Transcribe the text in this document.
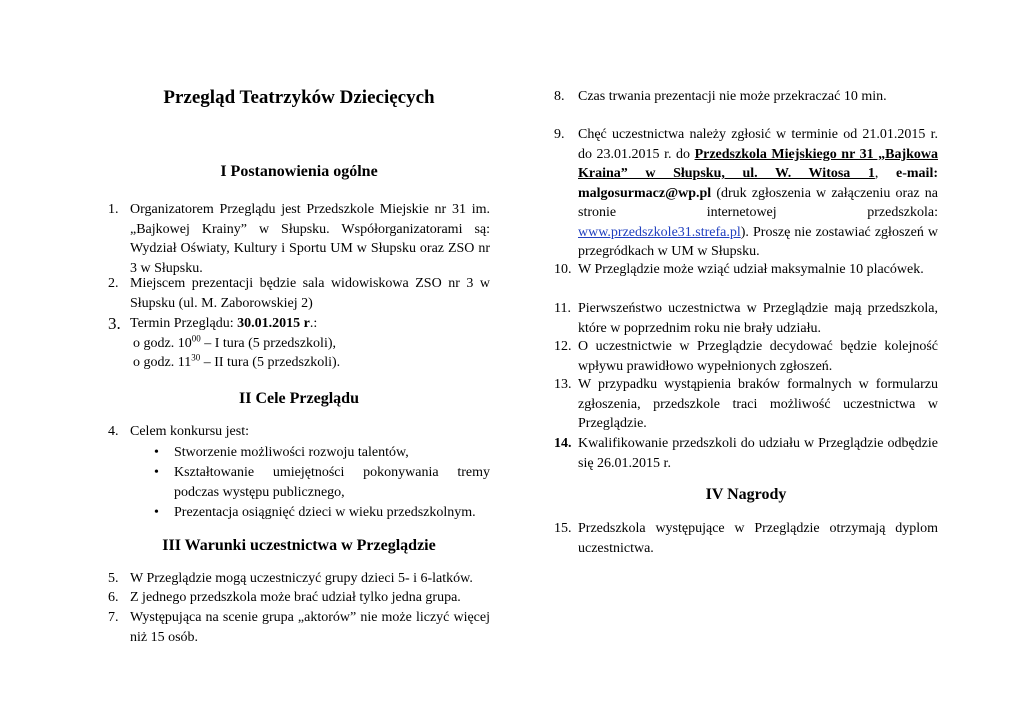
Przegląd Teatrzyków Dziecięcych
I Postanowienia ogólne
1. Organizatorem Przeglądu jest Przedszkole Miejskie nr 31 im. „Bajkowej Krainy” w Słupsku. Współorganizatorami są: Wydział Oświaty, Kultury i Sportu UM w Słupsku oraz ZSO nr 3 w Słupsku.
2. Miejscem prezentacji będzie sala widowiskowa ZSO nr 3 w Słupsku (ul. M. Zaborowskiej 2)
3. Termin Przeglądu: 30.01.2015 r.:
o godz. $10^{00}$ – I tura (5 przedszkoli),
o godz. $11^{30}$ – II tura (5 przedszkoli).
II Cele Przeglądu
4. Celem konkursu jest:
• Stworzenie możliwości rozwoju talentów,
• Kształtowanie umiejętności pokonywania tremy podczas występu publicznego,
• Prezentacja osiągnięć dzieci w wieku przedszkolnym.
III Warunki uczestnictwa w Przeglądzie
5. W Przeglądzie mogą uczestniczyć grupy dzieci 5- i 6-latków.
6. Z jednego przedszkola może brać udział tylko jedna grupa.
7. Występująca na scenie grupa „aktorów” nie może liczyć więcej niż 15 osób.
8. Czas trwania prezentacji nie może przekraczać 10 min.
9. Chęć uczestnictwa należy zgłosić w terminie od 21.01.2015 r. do 23.01.2015 r. do Przedszkola Miejskiego nr 31 „Bajkowa Kraina” w Słupsku, ul. W. Witosa 1, e-mail: malgosurmacz@wp.pl (druk zgłoszenia w załączeniu oraz na stronie internetowej przedszkola: www.przedszkole31.strefa.pl). Proszę nie zostawiać zgłoszeń w przegródkach w UM w Słupsku.
10. W Przeglądzie może wziąć udział maksymalnie 10 placówek.
11. Pierwszeństwo uczestnictwa w Przeglądzie mają przedszkola, które w poprzednim roku nie brały udziału.
12. O uczestnictwie w Przeglądzie decydować będzie kolejność wpływu prawidłowo wypełnionych zgłoszeń.
13. W przypadku wystąpienia braków formalnych w formularzu zgłoszenia, przedszkole traci możliwość uczestnictwa w Przeglądzie.
14. Kwalifikowanie przedszkoli do udziału w Przeglądzie odbędzie się 26.01.2015 r.
IV Nagrody
15. Przedszkola występujące w Przeglądzie otrzymają dyplom uczestnictwa.
